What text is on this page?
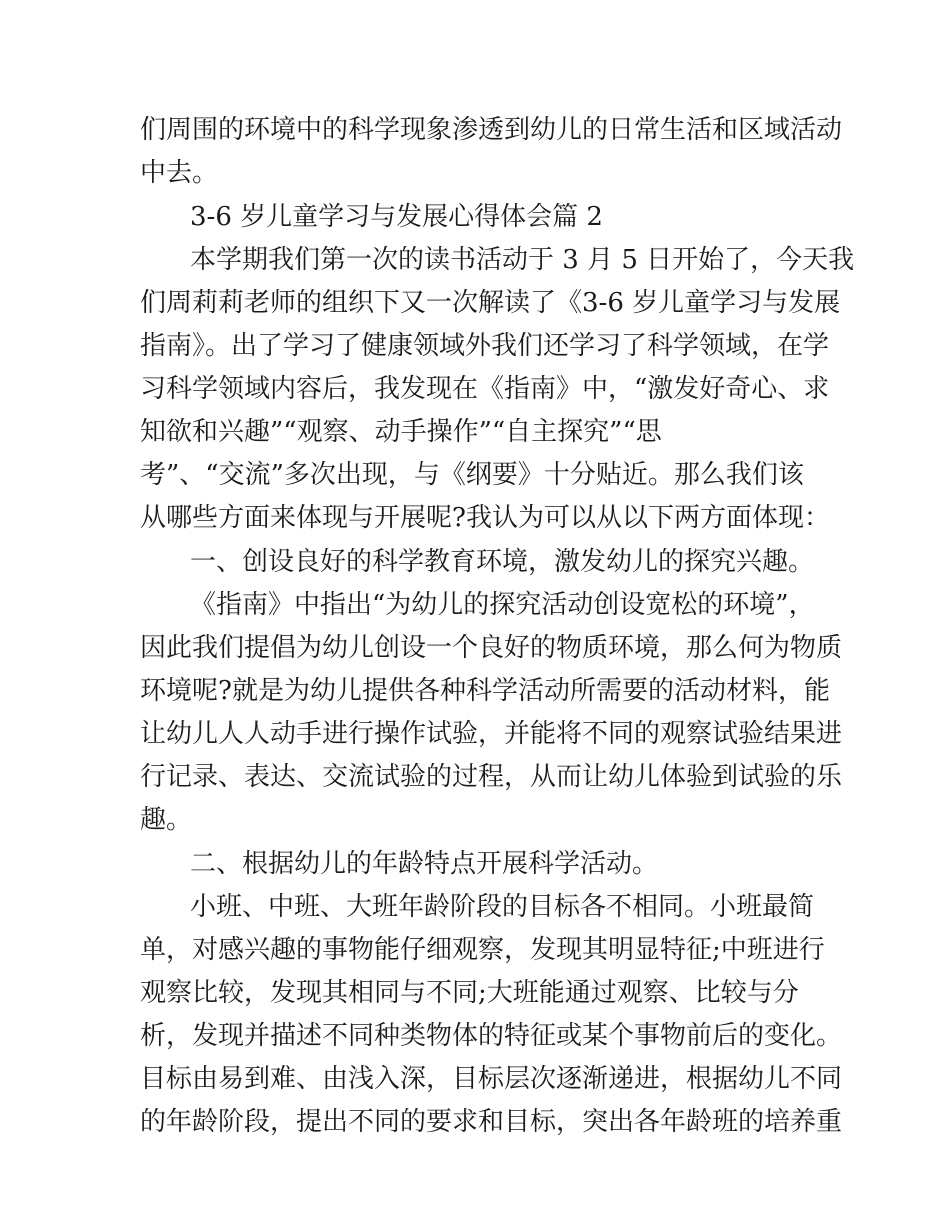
们周围的环境中的科学现象渗透到幼儿的日常生活和区域活动

中去。

3-6 岁儿童学习与发展心得体会篇 2

本学期我们第一次的读书活动于 3 月 5 日开始了，今天我

们周莉莉老师的组织下又一次解读了《3-6 岁儿童学习与发展

指南》。出了学习了健康领域外我们还学习了科学领域，在学

习科学领域内容后，我发现在《指南》中，“激发好奇心、求

知欲和兴趣”“观察、动手操作”“自主探究”“思

考”、“交流”多次出现，与《纲要》十分贴近。那么我们该

从哪些方面来体现与开展呢?我认为可以从以下两方面体现：

一、创设良好的科学教育环境，激发幼儿的探究兴趣。

《指南》中指出“为幼儿的探究活动创设宽松的环境”，

因此我们提倡为幼儿创设一个良好的物质环境，那么何为物质

环境呢?就是为幼儿提供各种科学活动所需要的活动材料，能

让幼儿人人动手进行操作试验，并能将不同的观察试验结果进

行记录、表达、交流试验的过程，从而让幼儿体验到试验的乐

趣。

二、根据幼儿的年龄特点开展科学活动。

小班、中班、大班年龄阶段的目标各不相同。小班最简

单，对感兴趣的事物能仔细观察，发现其明显特征;中班进行

观察比较，发现其相同与不同;大班能通过观察、比较与分

析，发现并描述不同种类物体的特征或某个事物前后的变化。

目标由易到难、由浅入深，目标层次逐渐递进，根据幼儿不同

的年龄阶段，提出不同的要求和目标，突出各年龄班的培养重
